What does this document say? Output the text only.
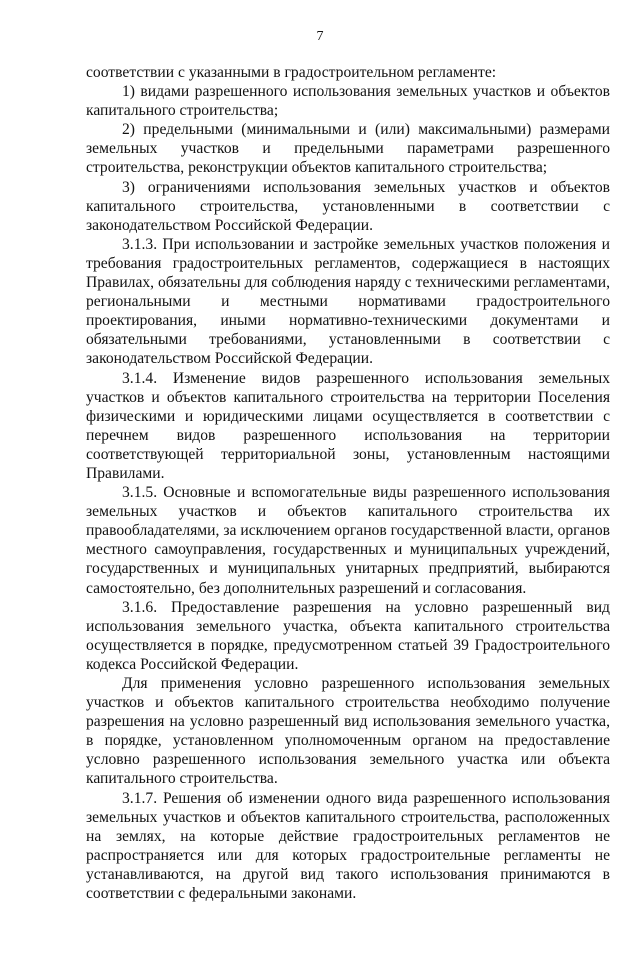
7

соответствии с указанными в градостроительном регламенте:

1) видами разрешенного использования земельных участков и объектов капитального строительства;

2) предельными (минимальными и (или) максимальными) размерами земельных участков и предельными параметрами разрешенного строительства, реконструкции объектов капитального строительства;

3) ограничениями использования земельных участков и объектов капитального строительства, установленными в соответствии с законодательством Российской Федерации.

3.1.3. При использовании и застройке земельных участков положения и требования градостроительных регламентов, содержащиеся в настоящих Правилах, обязательны для соблюдения наряду с техническими регламентами, региональными и местными нормативами градостроительного проектирования, иными нормативно-техническими документами и обязательными требованиями, установленными в соответствии с законодательством Российской Федерации.

3.1.4. Изменение видов разрешенного использования земельных участков и объектов капитального строительства на территории Поселения физическими и юридическими лицами осуществляется в соответствии с перечнем видов разрешенного использования на территории соответствующей территориальной зоны, установленным настоящими Правилами.

3.1.5. Основные и вспомогательные виды разрешенного использования земельных участков и объектов капитального строительства их правообладателями, за исключением органов государственной власти, органов местного самоуправления, государственных и муниципальных учреждений, государственных и муниципальных унитарных предприятий, выбираются самостоятельно, без дополнительных разрешений и согласования.

3.1.6. Предоставление разрешения на условно разрешенный вид использования земельного участка, объекта капитального строительства осуществляется в порядке, предусмотренном статьей 39 Градостроительного кодекса Российской Федерации.

Для применения условно разрешенного использования земельных участков и объектов капитального строительства необходимо получение разрешения на условно разрешенный вид использования земельного участка, в порядке, установленном уполномоченным органом на предоставление условно разрешенного использования земельного участка или объекта капитального строительства.

3.1.7. Решения об изменении одного вида разрешенного использования земельных участков и объектов капитального строительства, расположенных на землях, на которые действие градостроительных регламентов не распространяется или для которых градостроительные регламенты не устанавливаются, на другой вид такого использования принимаются в соответствии с федеральными законами.
